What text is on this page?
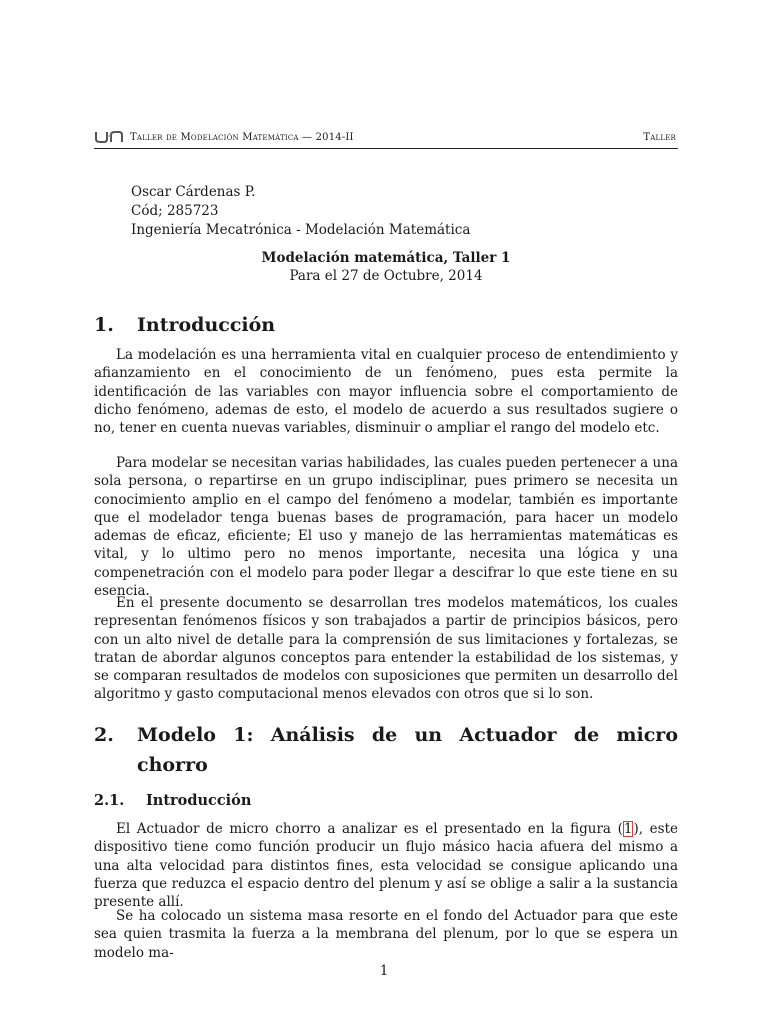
Taller de Modelación Matemática — 2014-II	Taller
Oscar Cárdenas P.
Cód; 285723
Ingeniería Mecatrónica - Modelación Matemática
Modelación matemática, Taller 1
Para el 27 de Octubre, 2014
1.	Introducción

La modelación es una herramienta vital en cualquier proceso de entendimiento y afianzamiento en el conocimiento de un fenómeno, pues esta permite la identificación de las variables con mayor influencia sobre el comportamiento de dicho fenómeno, ademas de esto, el modelo de acuerdo a sus resultados sugiere o no, tener en cuenta nuevas variables, disminuir o ampliar el rango del modelo etc.

Para modelar se necesitan varias habilidades, las cuales pueden pertenecer a una sola persona, o repartirse en un grupo indisciplinar, pues primero se necesita un conocimiento amplio en el campo del fenómeno a modelar, también es importante que el modelador tenga buenas bases de programación, para hacer un modelo ademas de eficaz, eficiente; El uso y manejo de las herramientas matemáticas es vital, y lo ultimo pero no menos importante, necesita una lógica y una compenetración con el modelo para poder llegar a descifrar lo que este tiene en su esencia.

En el presente documento se desarrollan tres modelos matemáticos, los cuales representan fenómenos físicos y son trabajados a partir de principios básicos, pero con un alto nivel de detalle para la comprensión de sus limitaciones y fortalezas, se tratan de abordar algunos conceptos para entender la estabilidad de los sistemas, y se comparan resultados de modelos con suposiciones que permiten un desarrollo del algoritmo y gasto computacional menos elevados con otros que si lo son.

2.	Modelo 1: Análisis de un Actuador de micro chorro
2.1.	Introducción

El Actuador de micro chorro a analizar es el presentado en la figura (1), este dispositivo tiene como función producir un flujo másico hacia afuera del mismo a una alta velocidad para distintos fines, esta velocidad se consigue aplicando una fuerza que reduzca el espacio dentro del plenum y así se oblige a salir a la sustancia presente allí.

Se ha colocado un sistema masa resorte en el fondo del Actuador para que este sea quien trasmita la fuerza a la membrana del plenum, por lo que se espera un modelo ma-

1
